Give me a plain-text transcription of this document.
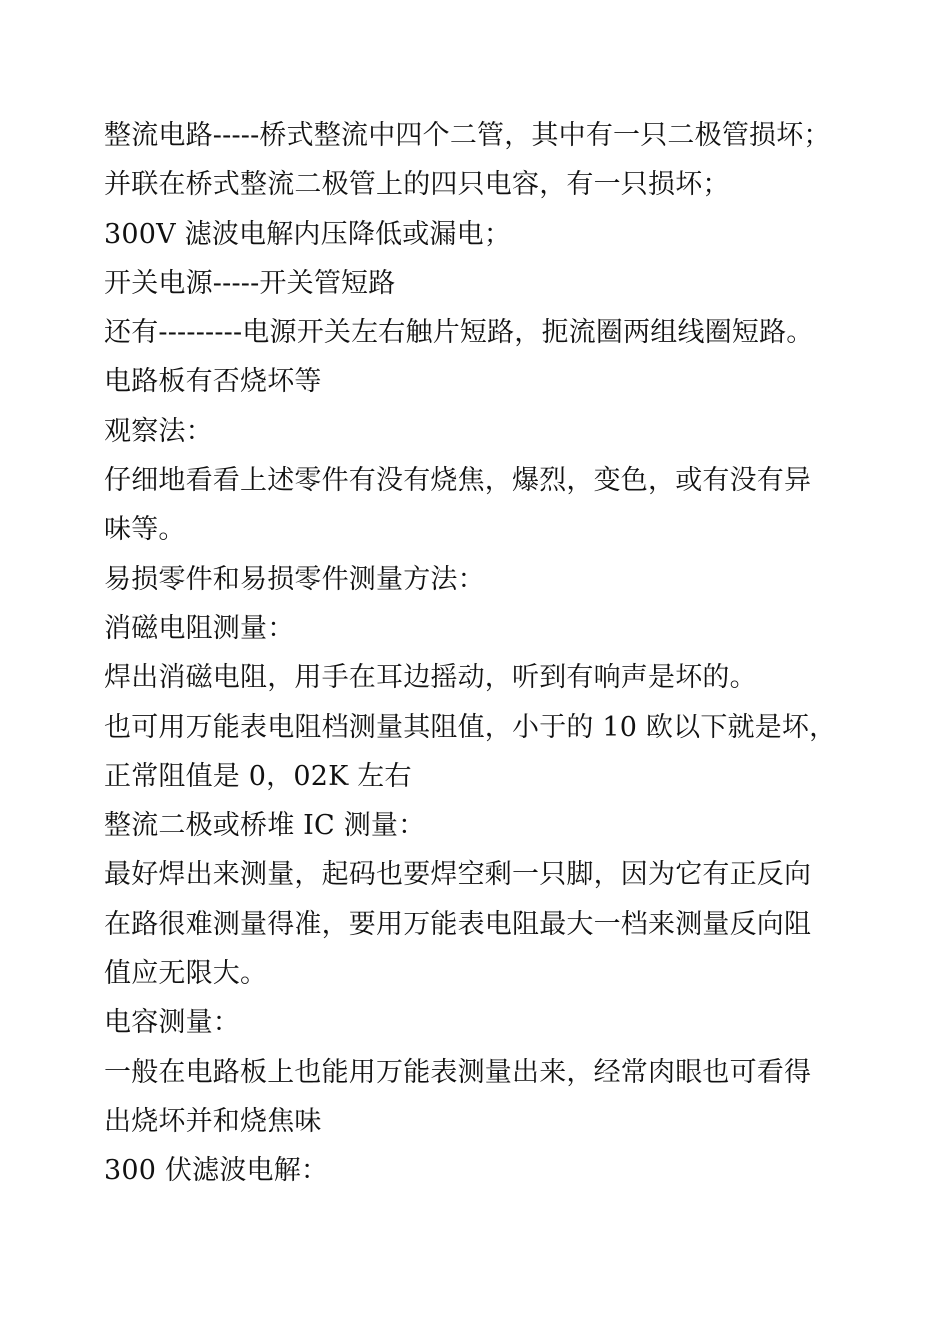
整流电路-----桥式整流中四个二管，其中有一只二极管损坏；
并联在桥式整流二极管上的四只电容，有一只损坏；
300V 滤波电解内压降低或漏电；
开关电源-----开关管短路
还有---------电源开关左右触片短路，扼流圈两组线圈短路。
电路板有否烧坏等
观察法：
仔细地看看上述零件有没有烧焦，爆烈，变色，或有没有异
味等。
易损零件和易损零件测量方法：
消磁电阻测量：
焊出消磁电阻，用手在耳边摇动，听到有响声是坏的。
也可用万能表电阻档测量其阻值，小于的 10 欧以下就是坏，
正常阻值是 0，02K 左右
整流二极或桥堆 IC 测量：
最好焊出来测量，起码也要焊空剩一只脚，因为它有正反向
在路很难测量得准，要用万能表电阻最大一档来测量反向阻
值应无限大。
电容测量：
一般在电路板上也能用万能表测量出来，经常肉眼也可看得
出烧坏并和烧焦味
300 伏滤波电解：
